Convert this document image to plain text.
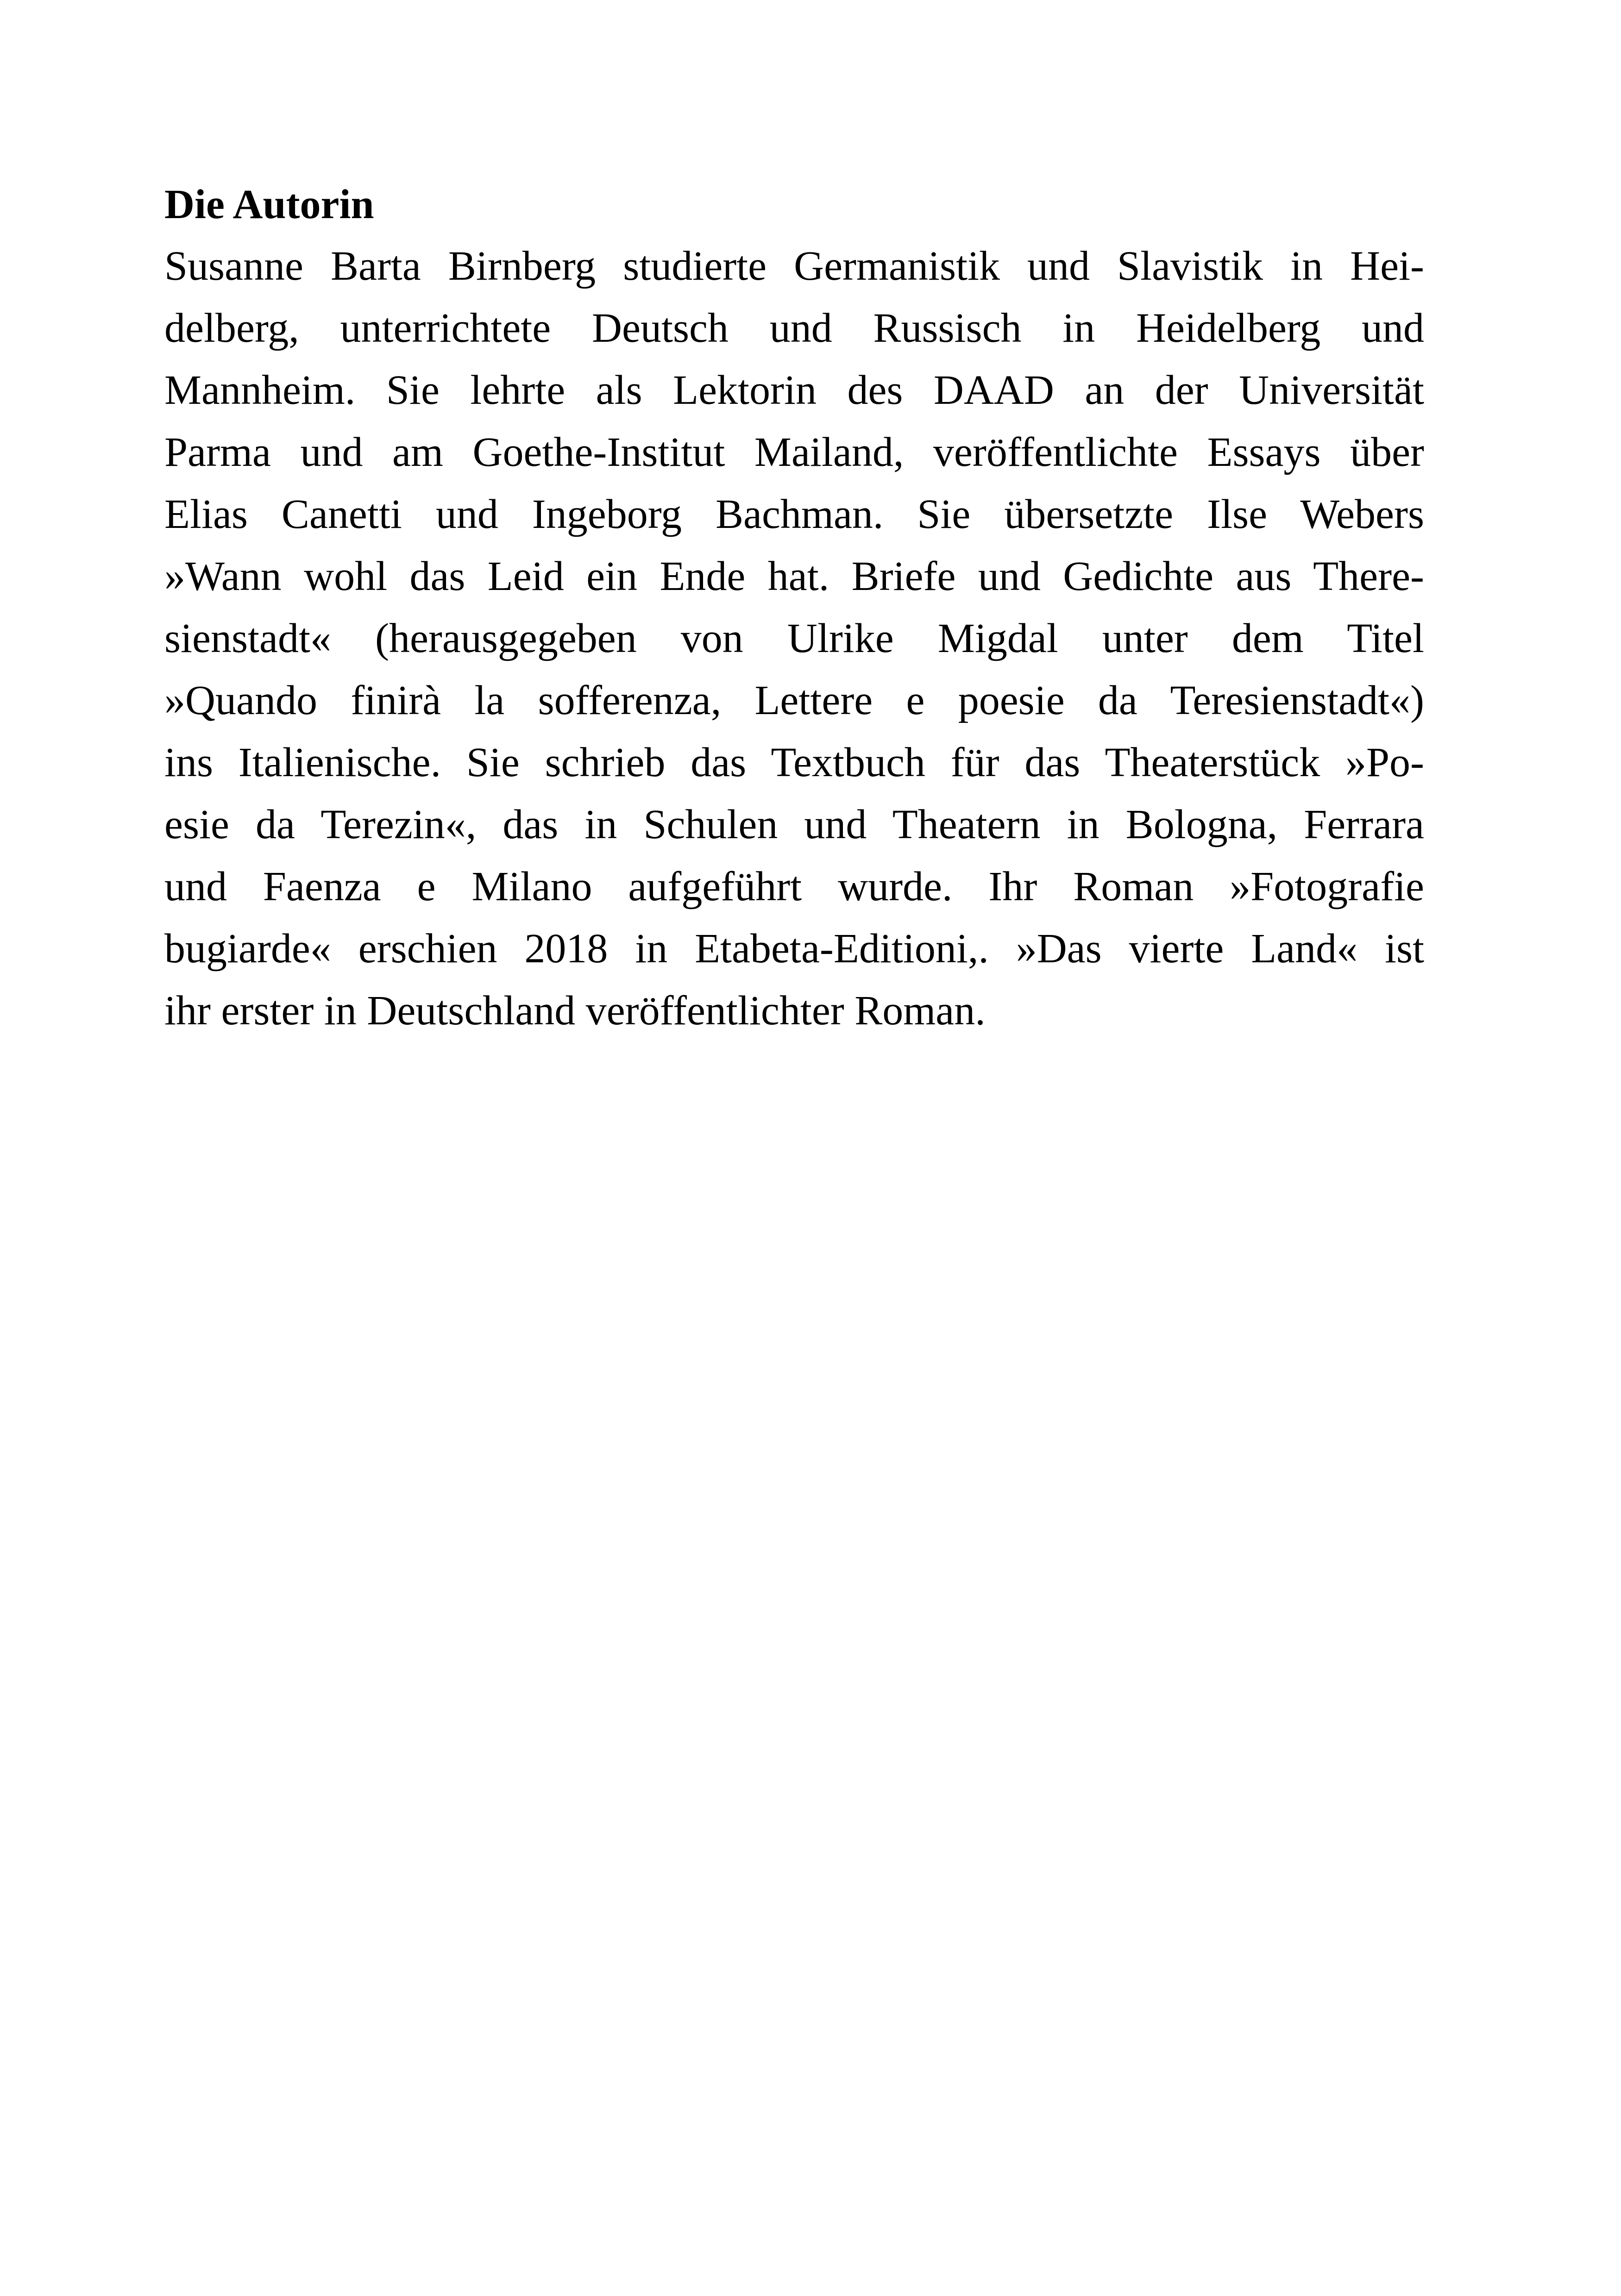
Die Autorin
Susanne Barta Birnberg studierte Germanistik und Slavistik in Hei-
delberg, unterrichtete Deutsch und Russisch in Heidelberg und
Mannheim. Sie lehrte als Lektorin des DAAD an der Universität
Parma und am Goethe-Institut Mailand, veröffentlichte Essays über
Elias Canetti und Ingeborg Bachman. Sie übersetzte Ilse Webers
»Wann wohl das Leid ein Ende hat. Briefe und Gedichte aus There-
sienstadt« (herausgegeben von Ulrike Migdal unter dem Titel
»Quando finirà la sofferenza, Lettere e poesie da Teresienstadt«)
ins Italienische. Sie schrieb das Textbuch für das Theaterstück »Po-
esie da Terezin«, das in Schulen und Theatern in Bologna, Ferrara
und Faenza e Milano aufgeführt wurde. Ihr Roman »Fotografie
bugiarde« erschien 2018 in Etabeta-Editioni,. »Das vierte Land« ist
ihr erster in Deutschland veröffentlichter Roman.
